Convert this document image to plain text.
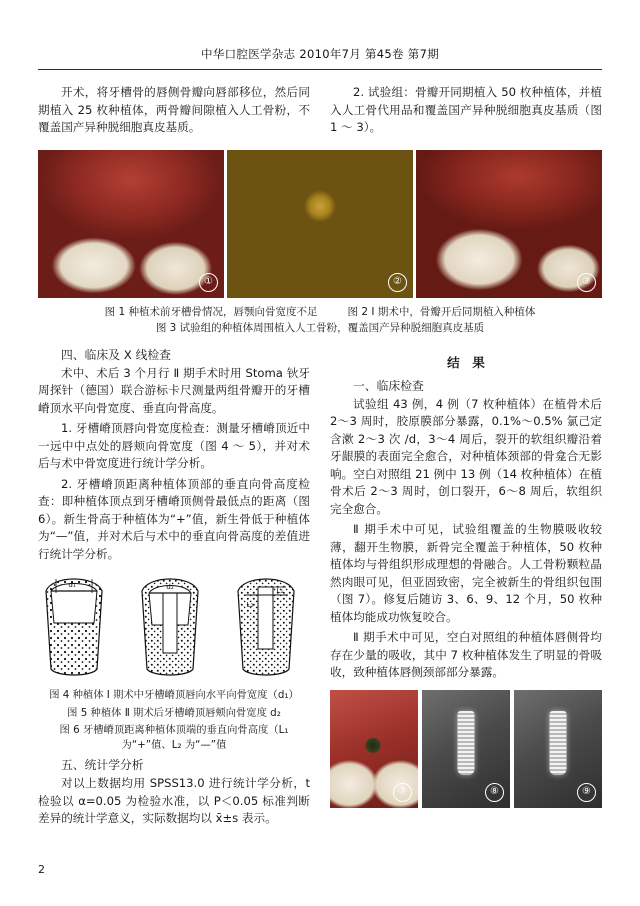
中华口腔医学杂志 2010年7月 第45卷 第7期

开术，将牙槽骨的唇侧骨瓣向唇部移位，然后同期植入 25 枚种植体，两骨瓣间隙植入人工骨粉，不覆盖国产异种脱细胞真皮基质。

2. 试验组：骨瓣开同期植入 50 枚种植体，并植入人工骨代用品和覆盖国产异种脱细胞真皮基质（图 1 ～ 3）。

①	②	③
图 1 种植术前牙槽骨情况，唇颚向骨宽度不足	图 2 Ⅰ 期术中，骨瓣开后同期植入种植体
图 3 试验组的种植体周围植入人工骨粉，覆盖国产异种脱细胞真皮基质
四、临床及 X 线检查

术中、术后 3 个月行 Ⅱ 期手术时用 Stoma 钬牙周探针（德国）联合游标卡尺测量两组骨瓣开的牙槽嵴顶水平向骨宽度、垂直向骨高度。

1. 牙槽嵴顶唇向骨宽度检查：测量牙槽嵴顶近中一远中中点处的唇颊向骨宽度（图 4 ～ 5），并对术后与术中骨宽度进行统计学分析。

2. 牙槽嵴顶距离种植体顶部的垂直向骨高度检查：即种植体顶点到牙槽嵴顶侧骨最低点的距离（图 6）。新生骨高于种植体为“+”值，新生骨低于种植体为“—”值，并对术后与术中的垂直向骨高度的差值进行统计学分析。

d₁	d₂	L₁
L₂
图 4 种植体 Ⅰ 期术中牙槽嵴顶唇向水平向骨宽度（d₁）
图 5 种植体 Ⅱ 期术后牙槽嵴顶唇颊向骨宽度 d₂
图 6 牙槽嵴顶距离种植体顶端的垂直向骨高度（L₁ 为“+”值、L₂ 为“—”值
五、统计学分析

对以上数据均用 SPSS13.0 进行统计学分析，t 检验以 α=0.05 为检验水准，以 P＜0.05 标准判断差异的统计学意义，实际数据均以 x̄±s 表示。

结　果
一、临床检查

试验组 43 例，4 例（7 枚种植体）在植骨术后 2～3 周时，胶原膜部分暴露，0.1%～0.5% 氯己定含漱 2～3 次 /d，3～4 周后，裂开的软组织瓣沿着牙龈膜的表面完全愈合，对种植体颈部的骨龛合无影响。空白对照组 21 例中 13 例（14 枚种植体）在植骨术后 2～3 周时，创口裂开，6～8 周后，软组织完全愈合。

Ⅱ 期手术中可见，试验组覆盖的生物膜吸收较薄，翻开生物膜，新骨完全覆盖于种植体，50 枚种植体均与骨组织形成理想的骨融合。人工骨粉颗粒晶然肉眼可见，但亚固致密，完全被新生的骨组织包围（图 7）。修复后随访 3、6、9、12 个月，50 枚种植体均能成功恢复咬合。

Ⅱ 期手术中可见，空白对照组的种植体唇侧骨均存在少量的吸收，其中 7 枚种植体发生了明显的骨吸收，致种植体唇侧颈部部分暴露。

⑦	⑧	⑨
2
